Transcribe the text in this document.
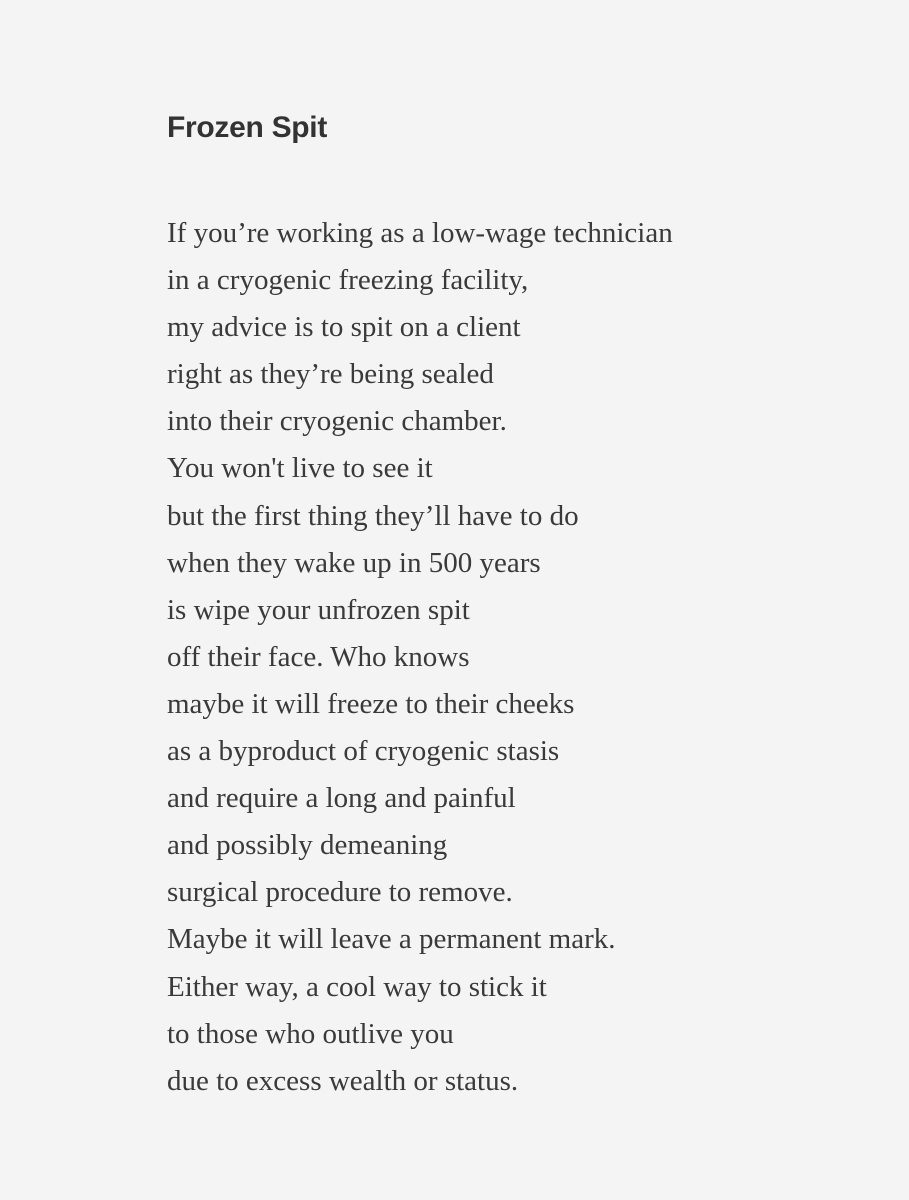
Frozen Spit
If you’re working as a low-wage technician
in a cryogenic freezing facility,
my advice is to spit on a client
right as they’re being sealed
into their cryogenic chamber.
You won't live to see it
but the first thing they’ll have to do
when they wake up in 500 years
is wipe your unfrozen spit
off their face. Who knows
maybe it will freeze to their cheeks
as a byproduct of cryogenic stasis
and require a long and painful
and possibly demeaning
surgical procedure to remove.
Maybe it will leave a permanent mark.
Either way, a cool way to stick it
to those who outlive you
due to excess wealth or status.
